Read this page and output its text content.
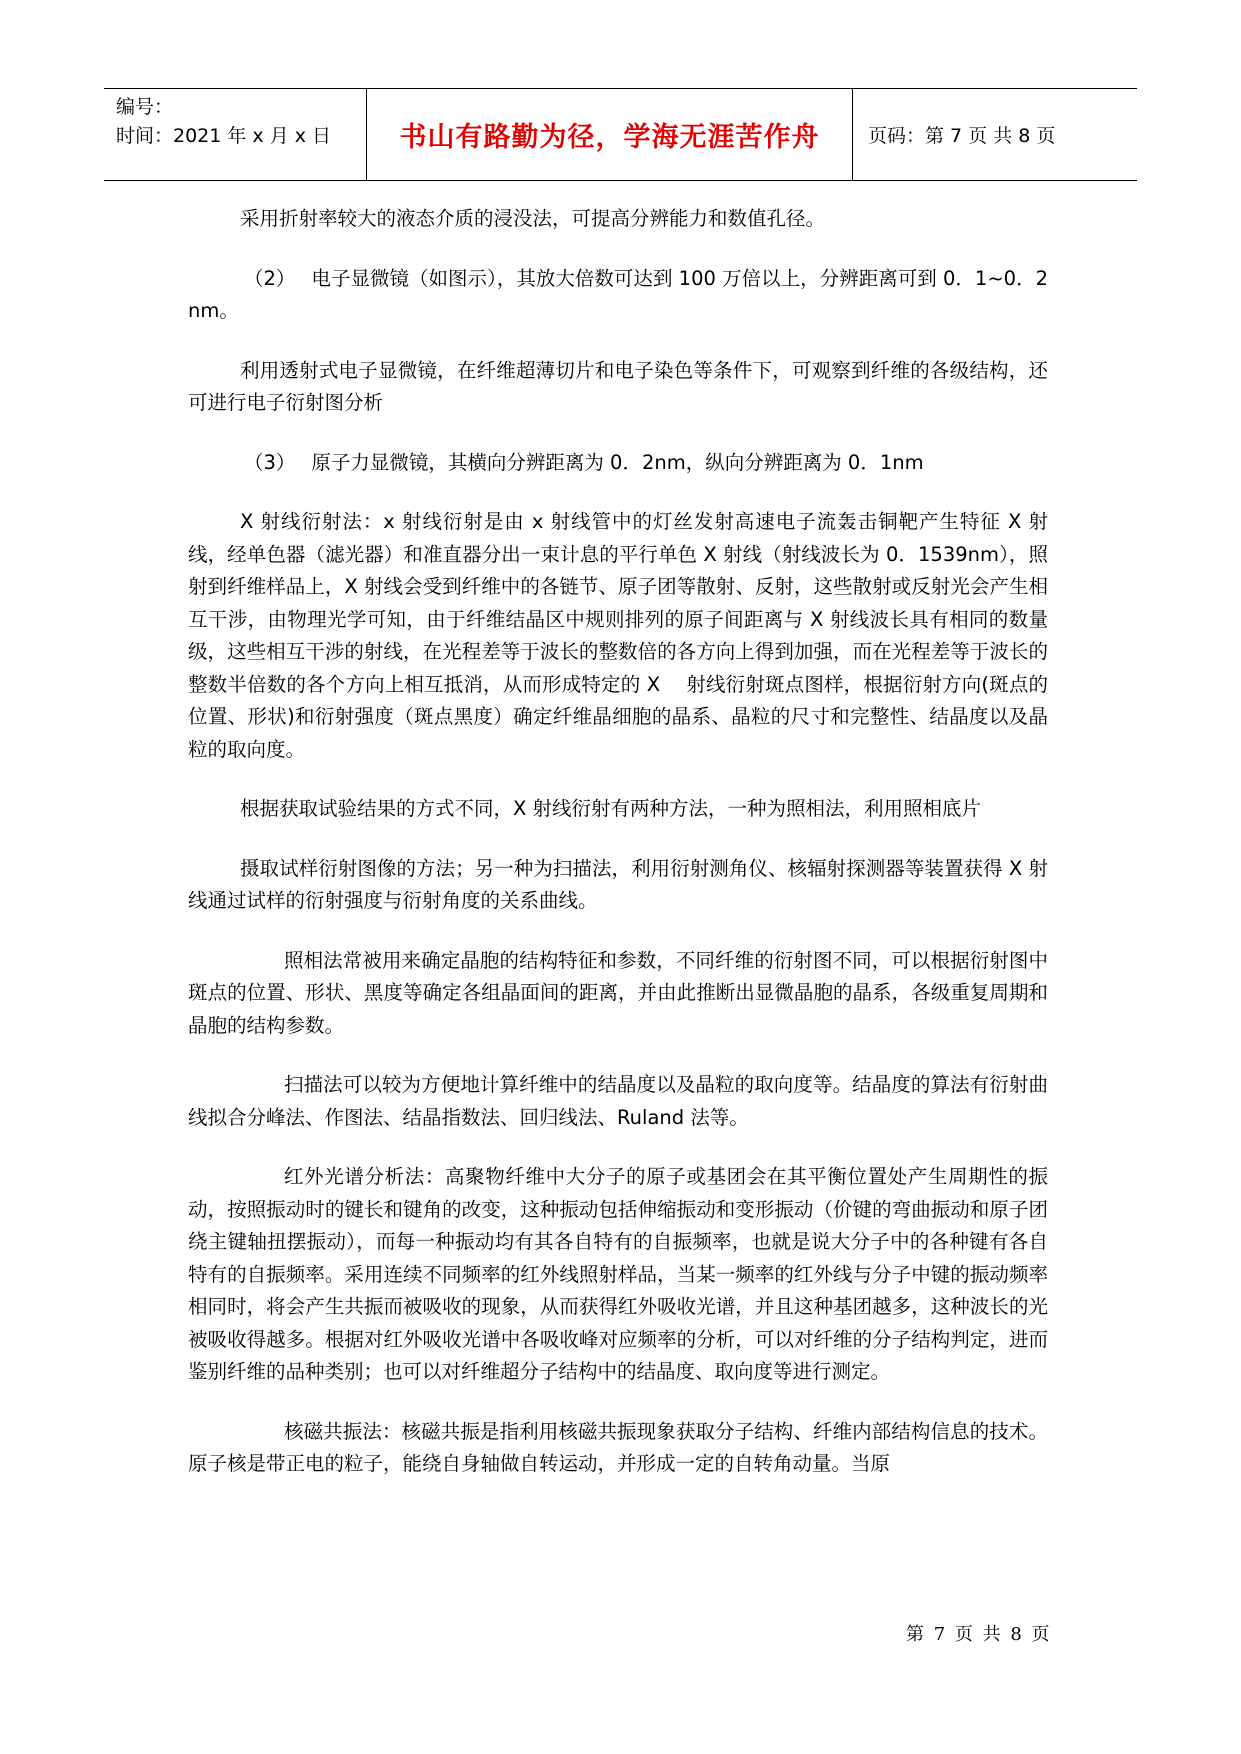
编号：
时间：2021 年 x 月 x 日	书山有路勤为径，学海无涯苦作舟	页码：第 7 页 共 8 页

采用折射率较大的液态介质的浸没法，可提高分辨能力和数值孔径。

（2）　 电子显微镜（如图示），其放大倍数可达到 100 万倍以上，分辨距离可到 0．1~0．2nm。

利用透射式电子显微镜，在纤维超薄切片和电子染色等条件下，可观察到纤维的各级结构，还可进行电子衍射图分析

（3）　 原子力显微镜，其横向分辨距离为 0．2nm，纵向分辨距离为 0．1nm

X 射线衍射法：x 射线衍射是由 x 射线管中的灯丝发射高速电子流轰击铜靶产生特征 X 射线，经单色器（滤光器）和准直器分出一束计息的平行单色 X 射线（射线波长为 0．1539nm），照射到纤维样品上，X 射线会受到纤维中的各链节、原子团等散射、反射，这些散射或反射光会产生相互干涉，由物理光学可知，由于纤维结晶区中规则排列的原子间距离与 X 射线波长具有相同的数量级，这些相互干涉的射线，在光程差等于波长的整数倍的各方向上得到加强，而在光程差等于波长的整数半倍数的各个方向上相互抵消，从而形成特定的 X　 射线衍射斑点图样，根据衍射方向(斑点的位置、形状)和衍射强度（斑点黑度）确定纤维晶细胞的晶系、晶粒的尺寸和完整性、结晶度以及晶粒的取向度。

根据获取试验结果的方式不同，X 射线衍射有两种方法，一种为照相法，利用照相底片

摄取试样衍射图像的方法；另一种为扫描法，利用衍射测角仪、核辐射探测器等装置获得 X 射线通过试样的衍射强度与衍射角度的关系曲线。

照相法常被用来确定晶胞的结构特征和参数，不同纤维的衍射图不同，可以根据衍射图中斑点的位置、形状、黑度等确定各组晶面间的距离，并由此推断出显微晶胞的晶系，各级重复周期和晶胞的结构参数。

扫描法可以较为方便地计算纤维中的结晶度以及晶粒的取向度等。结晶度的算法有衍射曲线拟合分峰法、作图法、结晶指数法、回归线法、Ruland 法等。

红外光谱分析法：高聚物纤维中大分子的原子或基团会在其平衡位置处产生周期性的振动，按照振动时的键长和键角的改变，这种振动包括伸缩振动和变形振动（价键的弯曲振动和原子团绕主键轴扭摆振动），而每一种振动均有其各自特有的自振频率，也就是说大分子中的各种键有各自特有的自振频率。采用连续不同频率的红外线照射样品，当某一频率的红外线与分子中键的振动频率相同时，将会产生共振而被吸收的现象，从而获得红外吸收光谱，并且这种基团越多，这种波长的光被吸收得越多。根据对红外吸收光谱中各吸收峰对应频率的分析，可以对纤维的分子结构判定，进而鉴别纤维的品种类别；也可以对纤维超分子结构中的结晶度、取向度等进行测定。

核磁共振法：核磁共振是指利用核磁共振现象获取分子结构、纤维内部结构信息的技术。原子核是带正电的粒子，能绕自身轴做自转运动，并形成一定的自转角动量。当原

第 7 页 共 8 页
